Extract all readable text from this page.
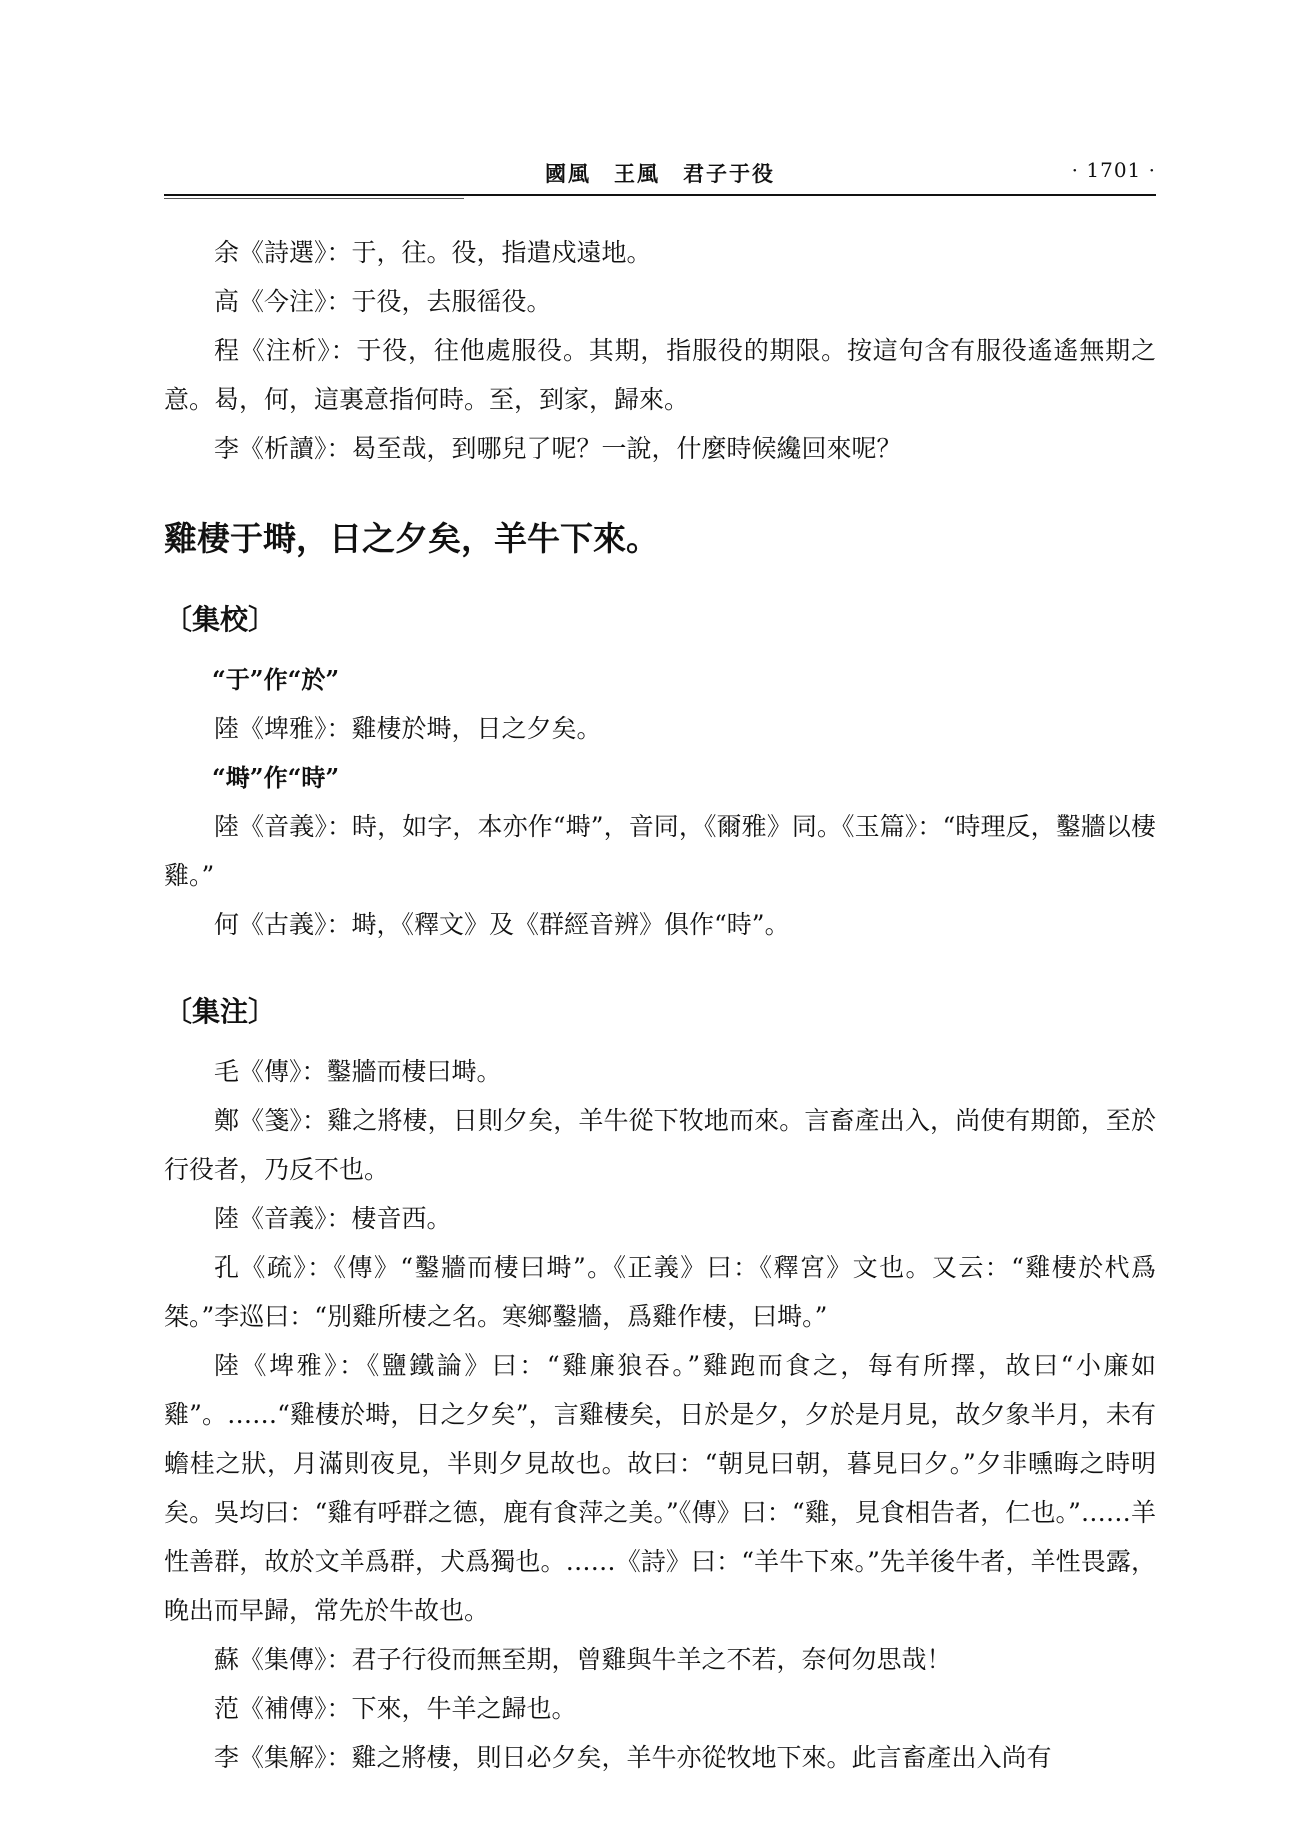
國風　王風　君子于役	· 1701 ·

余《詩選》：于，往。役，指遣戍遠地。

高《今注》：于役，去服徭役。

程《注析》：于役，往他處服役。其期，指服役的期限。按這句含有服役遙遙無期之意。曷，何，這裏意指何時。至，到家，歸來。

李《析讀》：曷至哉，到哪兒了呢？一說，什麼時候纔回來呢？

雞棲于塒，日之夕矣，羊牛下來。
〔集校〕

“于”作“於”

陸《埤雅》：雞棲於塒，日之夕矣。

“塒”作“時”

陸《音義》：時，如字，本亦作“塒”，音同，《爾雅》同。《玉篇》：“時理反，鑿牆以棲雞。”

何《古義》：塒，《釋文》及《群經音辨》俱作“時”。

〔集注〕

毛《傳》：鑿牆而棲曰塒。

鄭《箋》：雞之將棲，日則夕矣，羊牛從下牧地而來。言畜產出入，尚使有期節，至於行役者，乃反不也。

陸《音義》：棲音西。

孔《疏》：《傳》“鑿牆而棲曰塒”。《正義》曰：《釋宮》文也。又云：“雞棲於杙爲桀。”李巡曰：“別雞所棲之名。寒鄉鑿牆，爲雞作棲，曰塒。”

陸《埤雅》：《鹽鐵論》曰：“雞廉狼吞。”雞跑而食之，每有所擇，故曰“小廉如雞”。……“雞棲於塒，日之夕矣”，言雞棲矣，日於是夕，夕於是月見，故夕象半月，未有蟾桂之狀，月滿則夜見，半則夕見故也。故曰：“朝見曰朝，暮見曰夕。”夕非曛晦之時明矣。吳均曰：“雞有呼群之德，鹿有食萍之美。”《傳》曰：“雞，見食相告者，仁也。”……羊性善群，故於文羊爲群，犬爲獨也。……《詩》曰：“羊牛下來。”先羊後牛者，羊性畏露，晚出而早歸，常先於牛故也。

蘇《集傳》：君子行役而無至期，曾雞與牛羊之不若，奈何勿思哉！

范《補傳》：下來，牛羊之歸也。

李《集解》：雞之將棲，則日必夕矣，羊牛亦從牧地下來。此言畜產出入尚有
